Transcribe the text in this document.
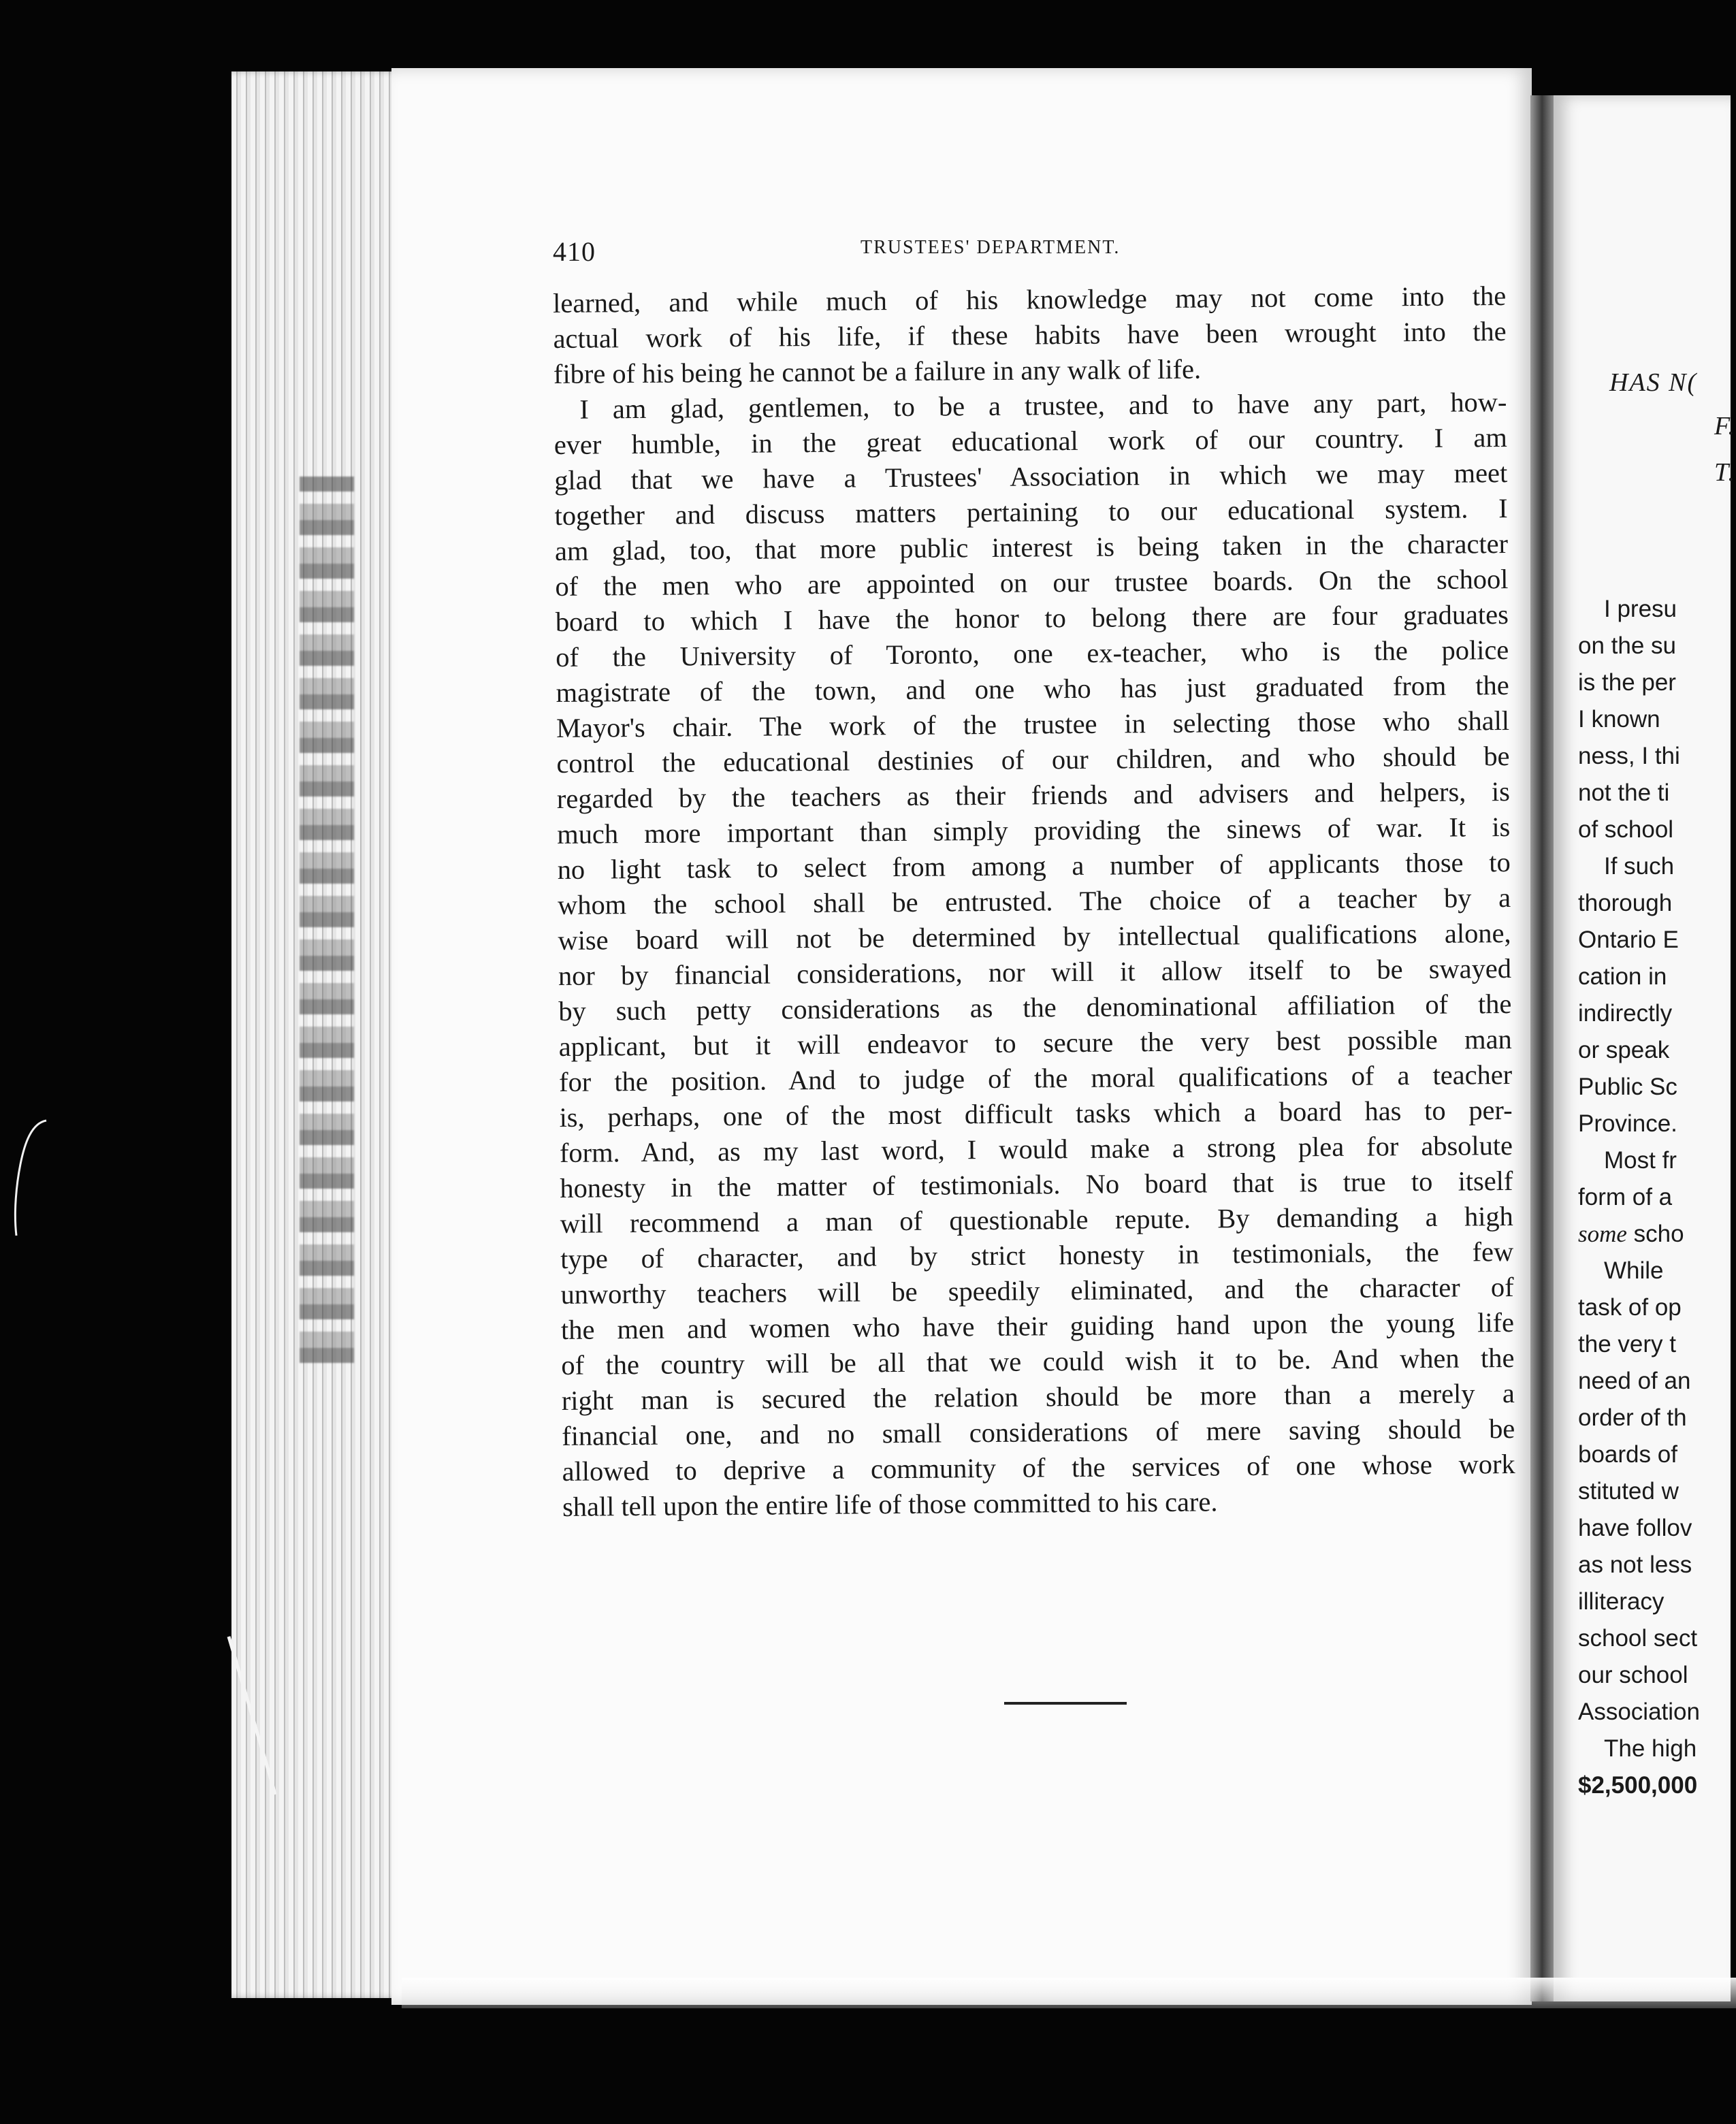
410	TRUSTEES' DEPARTMENT.
learned, and while much of his knowledge may not come into the
actual work of his life, if these habits have been wrought into the
fibre of his being he cannot be a failure in any walk of life.
I am glad, gentlemen, to be a trustee, and to have any part, how-
ever humble, in the great educational work of our country. I am
glad that we have a Trustees' Association in which we may meet
together and discuss matters pertaining to our educational system. I
am glad, too, that more public interest is being taken in the character
of the men who are appointed on our trustee boards. On the school
board to which I have the honor to belong there are four graduates
of the University of Toronto, one ex-teacher, who is the police
magistrate of the town, and one who has just graduated from the
Mayor's chair. The work of the trustee in selecting those who shall
control the educational destinies of our children, and who should be
regarded by the teachers as their friends and advisers and helpers, is
much more important than simply providing the sinews of war. It is
no light task to select from among a number of applicants those to
whom the school shall be entrusted. The choice of a teacher by a
wise board will not be determined by intellectual qualifications alone,
nor by financial considerations, nor will it allow itself to be swayed
by such petty considerations as the denominational affiliation of the
applicant, but it will endeavor to secure the very best possible man
for the position. And to judge of the moral qualifications of a teacher
is, perhaps, one of the most difficult tasks which a board has to per-
form. And, as my last word, I would make a strong plea for absolute
honesty in the matter of testimonials. No board that is true to itself
will recommend a man of questionable repute. By demanding a high
type of character, and by strict honesty in testimonials, the few
unworthy teachers will be speedily eliminated, and the character of
the men and women who have their guiding hand upon the young life
of the country will be all that we could wish it to be. And when the
right man is secured the relation should be more than a merely a
financial one, and no small considerations of mere saving should be
allowed to deprive a community of the services of one whose work
shall tell upon the entire life of those committed to his care.
HAS N(
F.
T.
I presu
on the su
is the per
I known
ness, I thi
not the ti
of school
If such
thorough
Ontario E
cation in
indirectly
or speak
Public Sc
Province.
Most fr
form of a
some scho
While
task of op
the very t
need of an
order of th
boards of
stituted w
have follov
as not less
illiteracy
school sect
our school
Association
The high
$2,500,000
